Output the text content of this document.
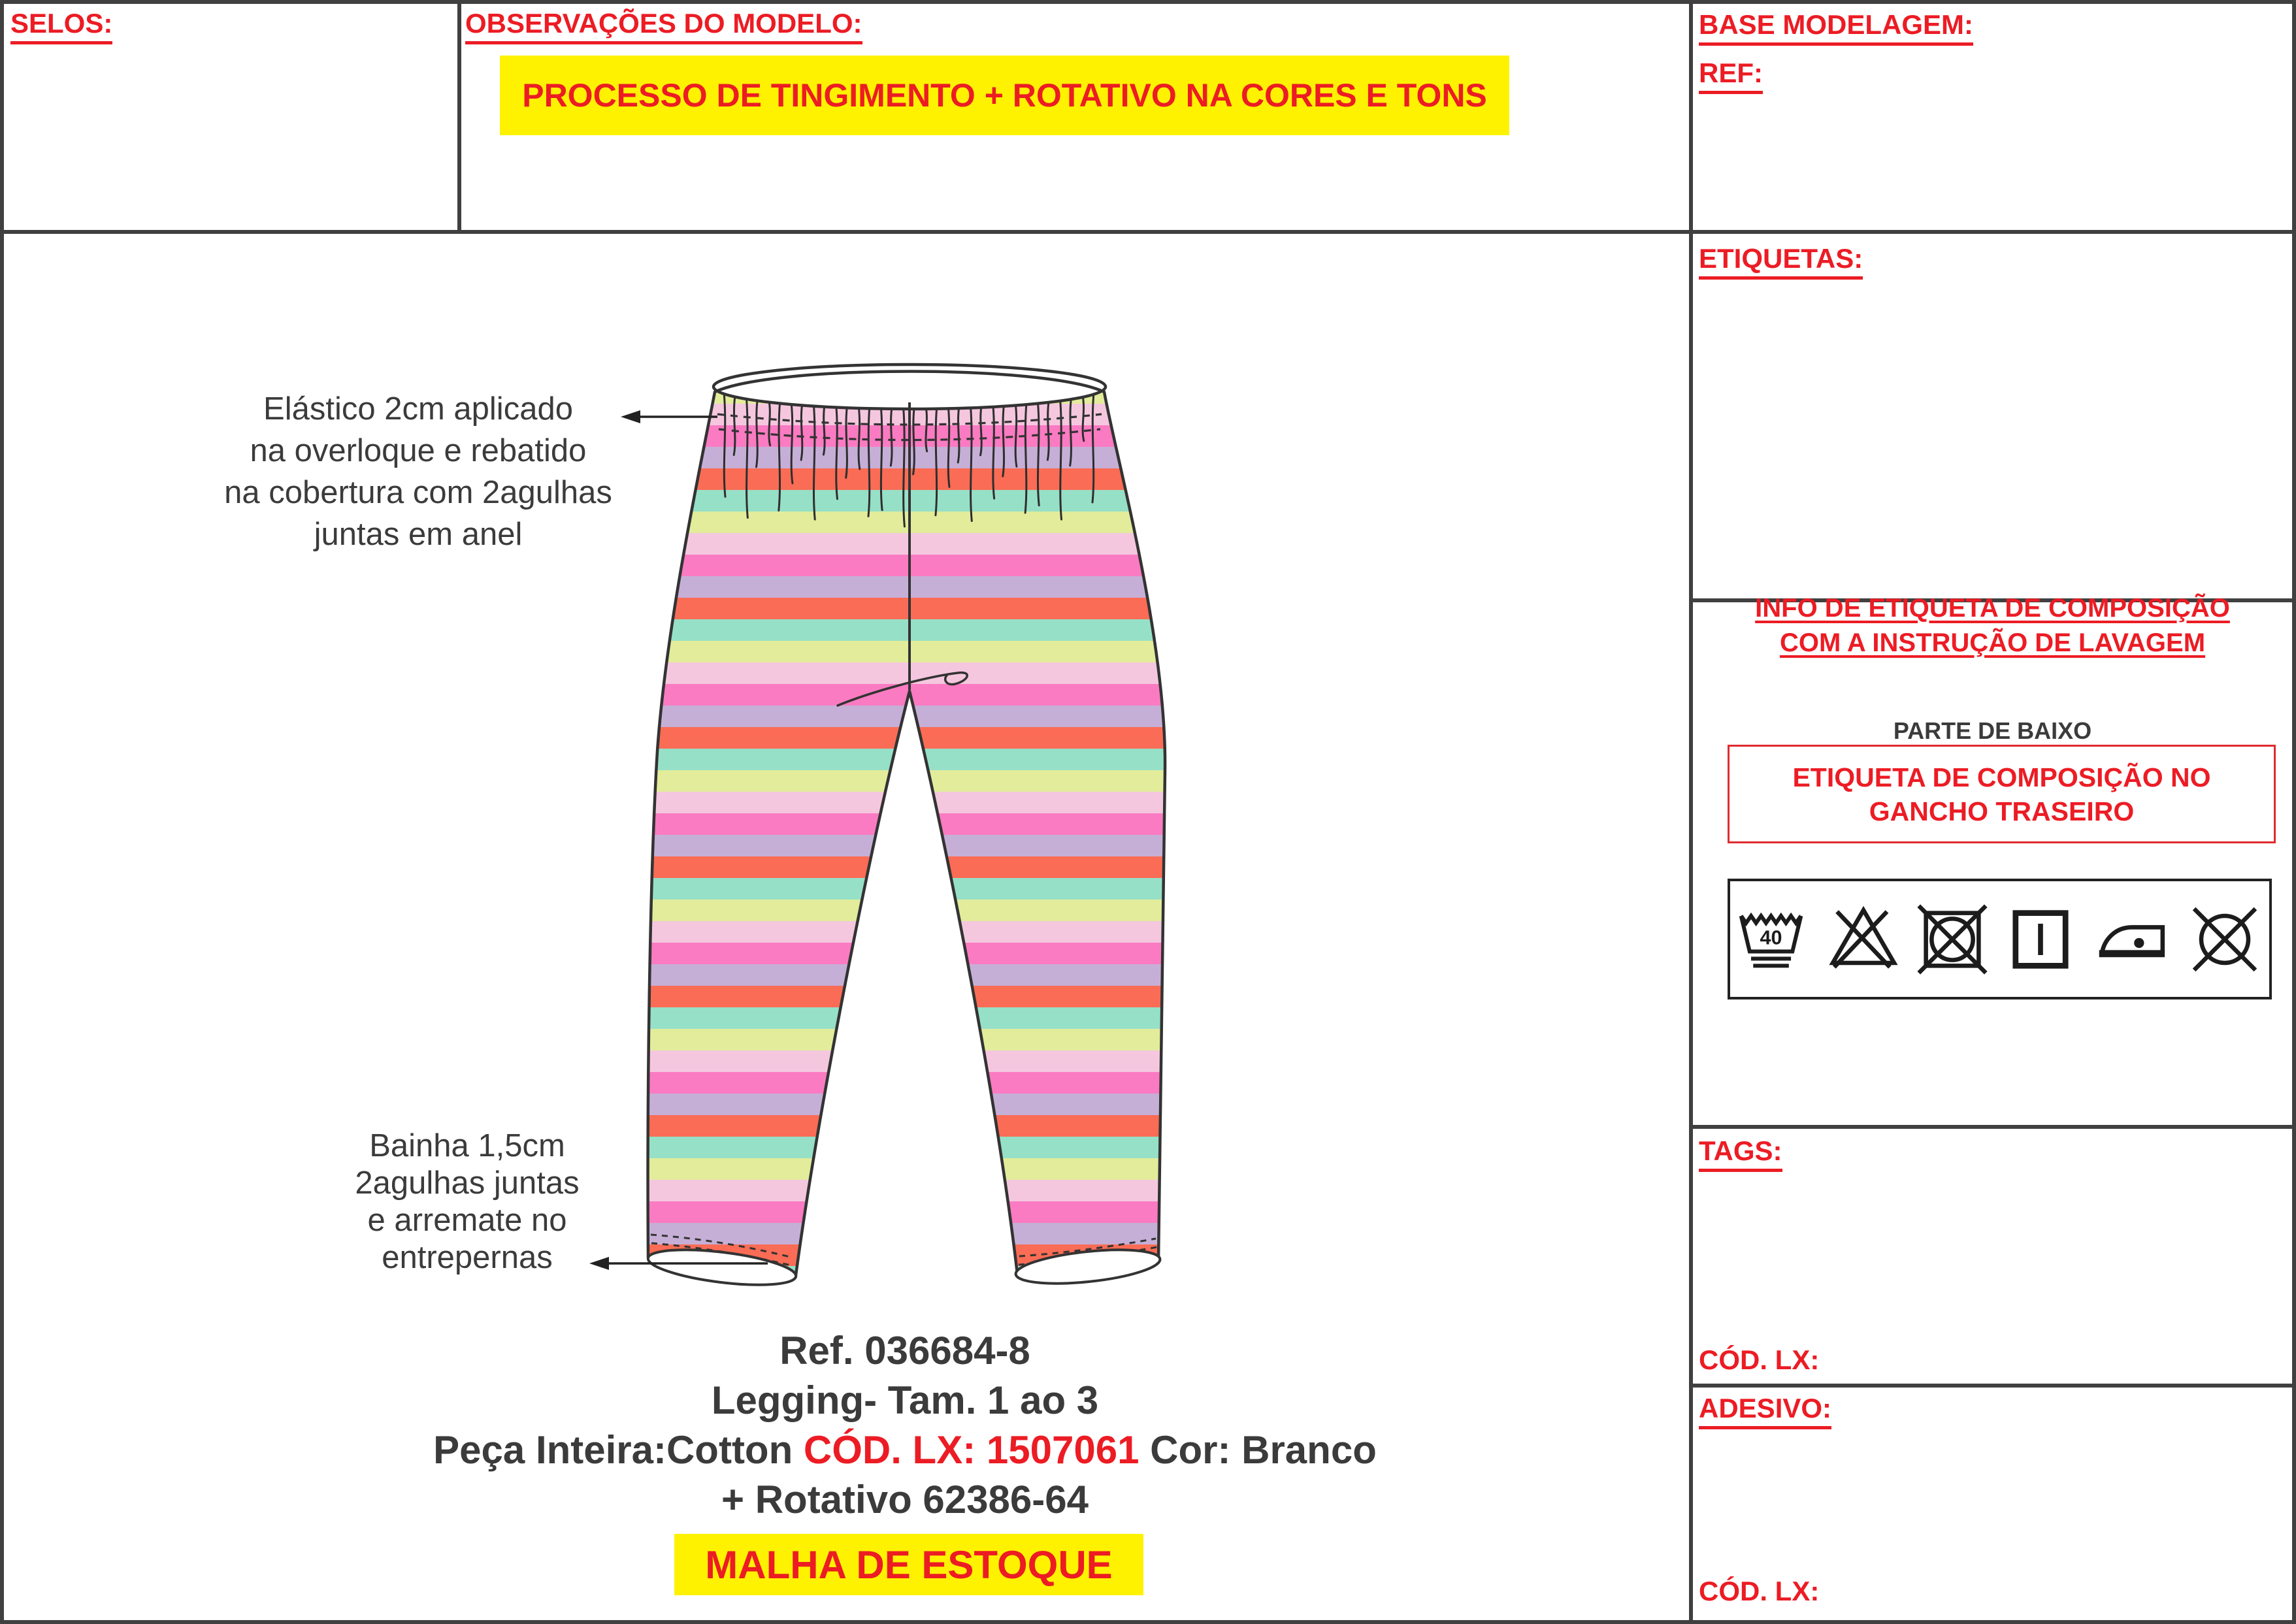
SELOS:	OBSERVAÇÕES DO MODELO:
PROCESSO DE TINGIMENTO + ROTATIVO NA CORES E TONS
BASE MODELAGEM:
REF:
ETIQUETAS:
INFO DE ETIQUETA DE COMPOSIÇÃO
COM A INSTRUÇÃO DE LAVAGEM
PARTE DE BAIXO
ETIQUETA DE COMPOSIÇÃO NO
GANCHO TRASEIRO
40
TAGS:
CÓD. LX:
ADESIVO:
CÓD. LX:
Elástico 2cm aplicado
na overloque e rebatido
na cobertura com 2agulhas
juntas em anel
Bainha 1,5cm
2agulhas juntas
e arremate no
entrepernas
Ref. 036684-8
Legging- Tam. 1 ao 3
Peça Inteira:Cotton CÓD. LX: 1507061 Cor: Branco
+ Rotativo 62386-64
MALHA DE ESTOQUE
